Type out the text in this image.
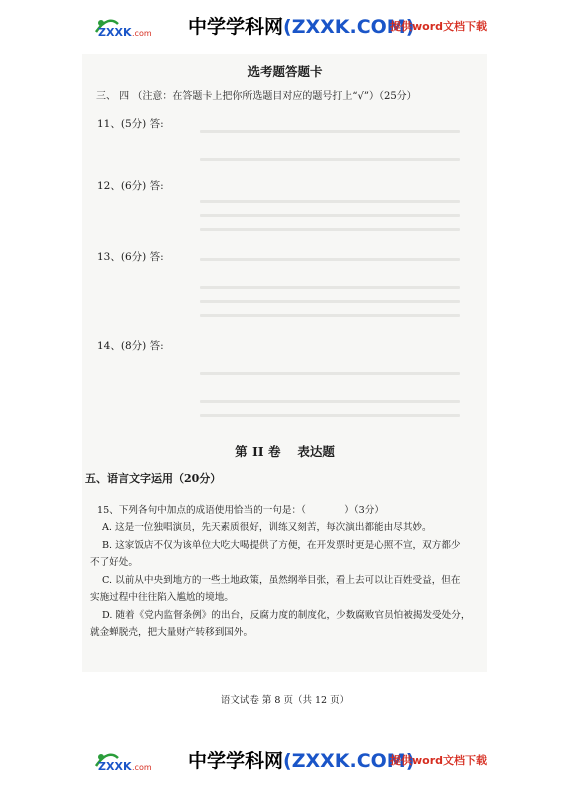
ZXXK .com 中学学科网(ZXXK.COM)
提供word文档下载
选考题答题卡
三、 四 （注意：在答题卡上把你所选题目对应的题号打上“√”）（25分）
11、(5分) 答:
12、(6分) 答:
13、(6分) 答:
14、(8分) 答:
第 II 卷　 表达题
五、语言文字运用（20分）
15、下列各句中加点的成语使用恰当的一句是：（　　　　）（3分）
A. 这是一位独唱演员，先天素质很好，训练又刻苦，每次演出都能由尽其妙。
B. 这家饭店不仅为该单位大吃大喝提供了方便，在开发票时更是心照不宣，双方都少
不了好处。
C. 以前从中央到地方的一些土地政策，虽然纲举目张，看上去可以让百姓受益，但在
实施过程中往往陷入尴尬的境地。
D. 随着《党内监督条例》的出台，反腐力度的制度化，少数腐败官员怕被揭发受处分，
就金蝉脱壳，把大量财产转移到国外。
语文试卷 第 8 页（共 12 页）
ZXXK .com 中学学科网(ZXXK.COM)
提供word文档下载
